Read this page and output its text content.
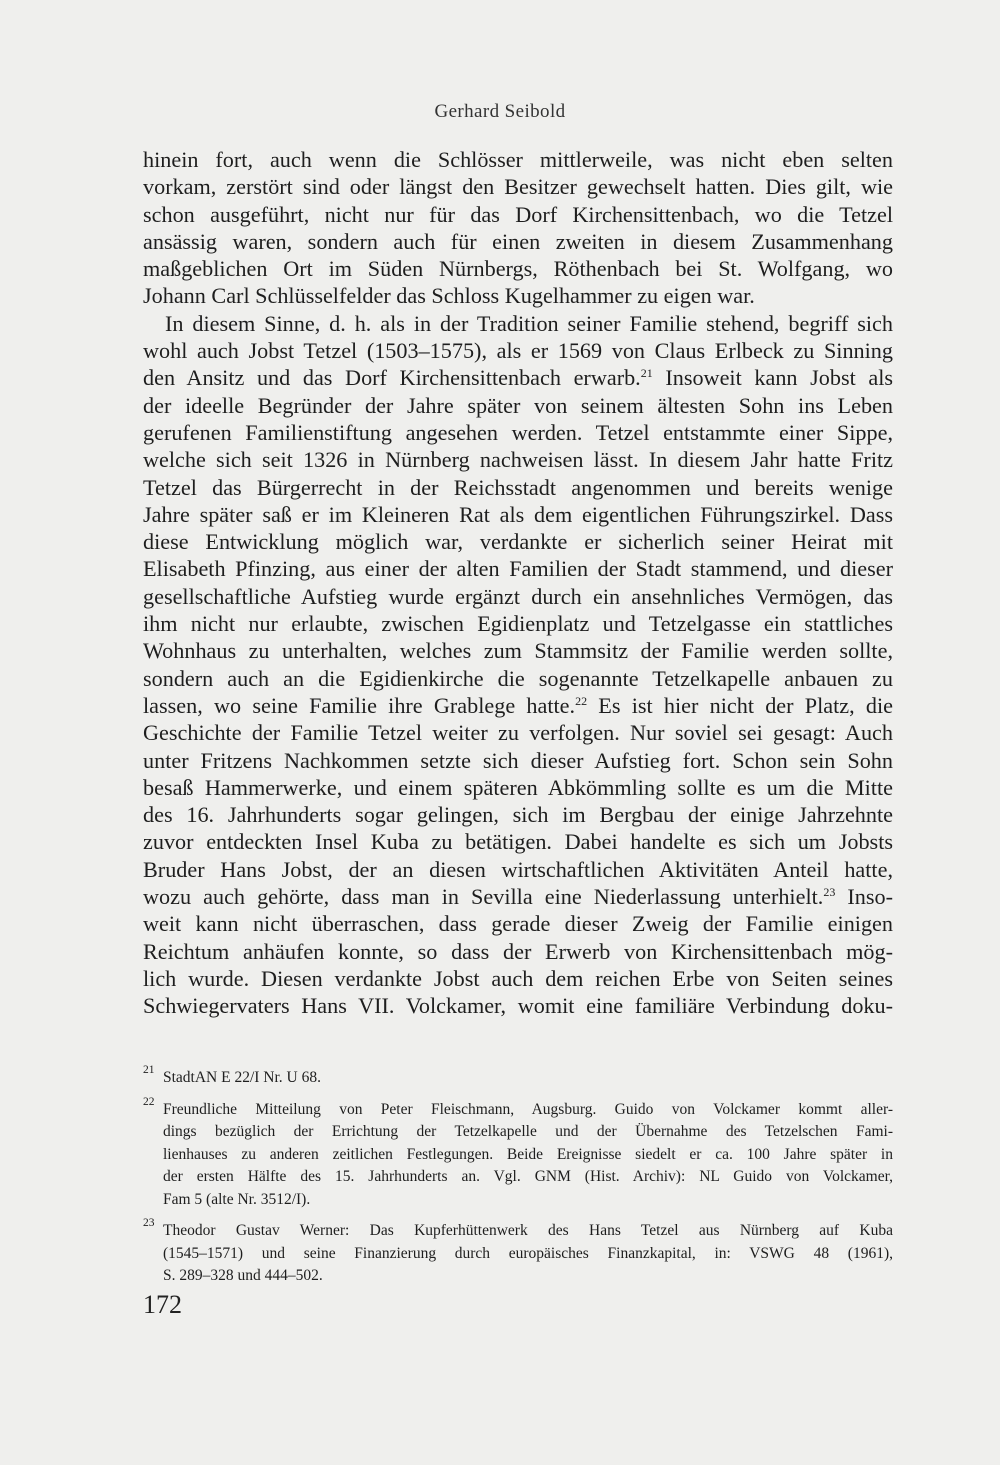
Gerhard Seibold
hinein fort, auch wenn die Schlösser mittlerweile, was nicht eben selten
vorkam, zerstört sind oder längst den Besitzer gewechselt hatten. Dies gilt, wie
schon ausgeführt, nicht nur für das Dorf Kirchensittenbach, wo die Tetzel
ansässig waren, sondern auch für einen zweiten in diesem Zusammenhang
maßgeblichen Ort im Süden Nürnbergs, Röthenbach bei St. Wolfgang, wo
Johann Carl Schlüsselfelder das Schloss Kugelhammer zu eigen war.
In diesem Sinne, d. h. als in der Tradition seiner Familie stehend, begriff sich
wohl auch Jobst Tetzel (1503–1575), als er 1569 von Claus Erlbeck zu Sinning
den Ansitz und das Dorf Kirchensittenbach erwarb.$^{21}$ Insoweit kann Jobst als
der ideelle Begründer der Jahre später von seinem ältesten Sohn ins Leben
gerufenen Familienstiftung angesehen werden. Tetzel entstammte einer Sippe,
welche sich seit 1326 in Nürnberg nachweisen lässt. In diesem Jahr hatte Fritz
Tetzel das Bürgerrecht in der Reichsstadt angenommen und bereits wenige
Jahre später saß er im Kleineren Rat als dem eigentlichen Führungszirkel. Dass
diese Entwicklung möglich war, verdankte er sicherlich seiner Heirat mit
Elisabeth Pfinzing, aus einer der alten Familien der Stadt stammend, und dieser
gesellschaftliche Aufstieg wurde ergänzt durch ein ansehnliches Vermögen, das
ihm nicht nur erlaubte, zwischen Egidienplatz und Tetzelgasse ein stattliches
Wohnhaus zu unterhalten, welches zum Stammsitz der Familie werden sollte,
sondern auch an die Egidienkirche die sogenannte Tetzelkapelle anbauen zu
lassen, wo seine Familie ihre Grablege hatte.$^{22}$ Es ist hier nicht der Platz, die
Geschichte der Familie Tetzel weiter zu verfolgen. Nur soviel sei gesagt: Auch
unter Fritzens Nachkommen setzte sich dieser Aufstieg fort. Schon sein Sohn
besaß Hammerwerke, und einem späteren Abkömmling sollte es um die Mitte
des 16. Jahrhunderts sogar gelingen, sich im Bergbau der einige Jahrzehnte
zuvor entdeckten Insel Kuba zu betätigen. Dabei handelte es sich um Jobsts
Bruder Hans Jobst, der an diesen wirtschaftlichen Aktivitäten Anteil hatte,
wozu auch gehörte, dass man in Sevilla eine Niederlassung unterhielt.$^{23}$ Inso-
weit kann nicht überraschen, dass gerade dieser Zweig der Familie einigen
Reichtum anhäufen konnte, so dass der Erwerb von Kirchensittenbach mög-
lich wurde. Diesen verdankte Jobst auch dem reichen Erbe von Seiten seines
Schwiegervaters Hans VII. Volckamer, womit eine familiäre Verbindung doku-
21 StadtAN E 22/I Nr. U 68.
22 Freundliche Mitteilung von Peter Fleischmann, Augsburg. Guido von Volckamer kommt aller-
dings bezüglich der Errichtung der Tetzelkapelle und der Übernahme des Tetzelschen Fami-
lienhauses zu anderen zeitlichen Festlegungen. Beide Ereignisse siedelt er ca. 100 Jahre später in
der ersten Hälfte des 15. Jahrhunderts an. Vgl. GNM (Hist. Archiv): NL Guido von Volckamer,
Fam 5 (alte Nr. 3512/I).
23 Theodor Gustav Werner: Das Kupferhüttenwerk des Hans Tetzel aus Nürnberg auf Kuba
(1545–1571) und seine Finanzierung durch europäisches Finanzkapital, in: VSWG 48 (1961),
S. 289–328 und 444–502.
172
